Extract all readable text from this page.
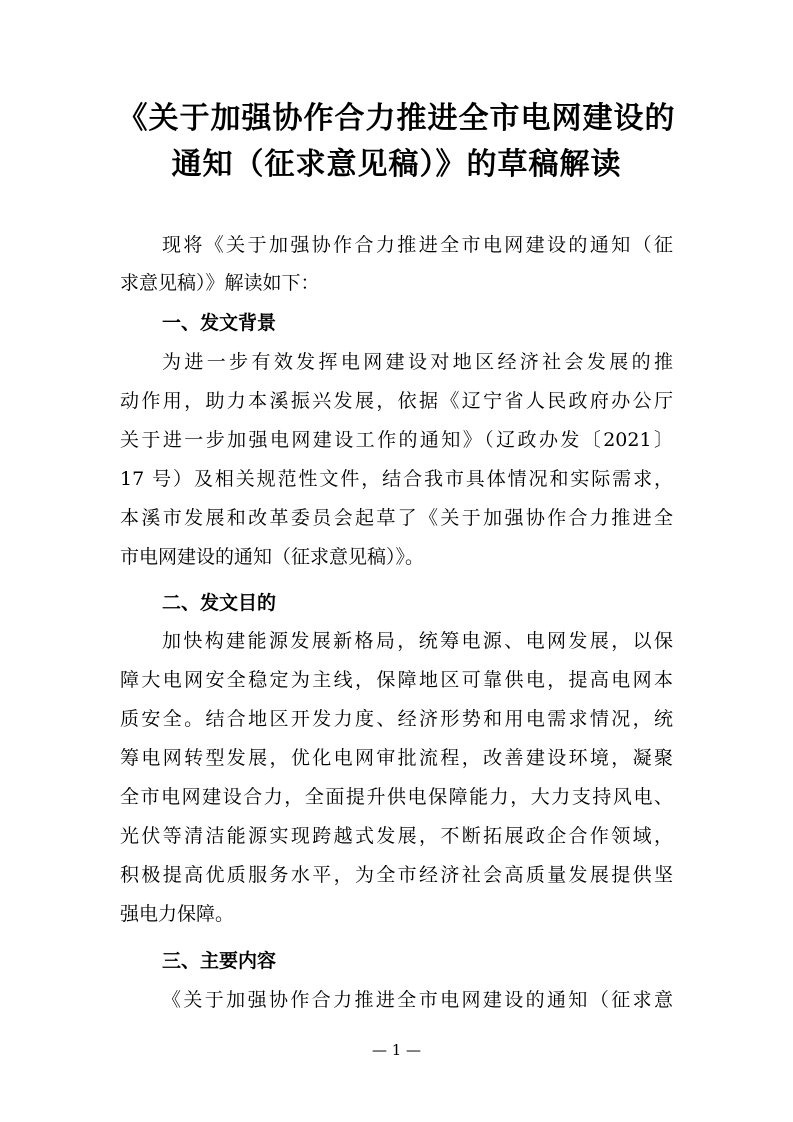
《关于加强协作合力推进全市电网建设的
通知（征求意见稿）》的草稿解读
现将《关于加强协作合力推进全市电网建设的通知（征
求意见稿）》解读如下：
一、发文背景
为进一步有效发挥电网建设对地区经济社会发展的推
动作用，助力本溪振兴发展，依据《辽宁省人民政府办公厅
关于进一步加强电网建设工作的通知》（辽政办发〔2021〕
17 号）及相关规范性文件，结合我市具体情况和实际需求，
本溪市发展和改革委员会起草了《关于加强协作合力推进全
市电网建设的通知（征求意见稿）》。
二、发文目的
加快构建能源发展新格局，统筹电源、电网发展，以保
障大电网安全稳定为主线，保障地区可靠供电，提高电网本
质安全。结合地区开发力度、经济形势和用电需求情况，统
筹电网转型发展，优化电网审批流程，改善建设环境，凝聚
全市电网建设合力，全面提升供电保障能力，大力支持风电、
光伏等清洁能源实现跨越式发展，不断拓展政企合作领域，
积极提高优质服务水平，为全市经济社会高质量发展提供坚
强电力保障。
三、主要内容
《关于加强协作合力推进全市电网建设的通知（征求意
— 1 —
